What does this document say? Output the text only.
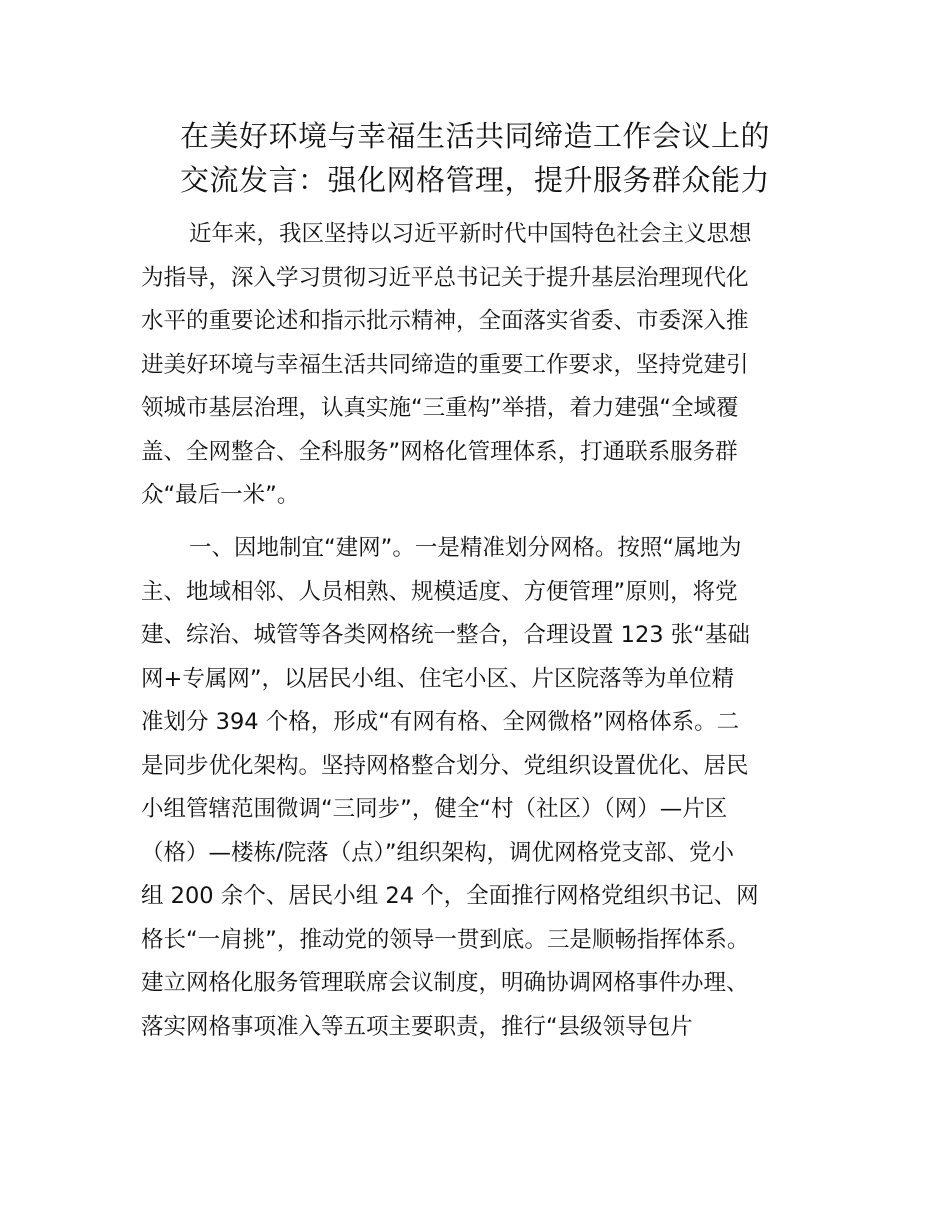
在美好环境与幸福生活共同缔造工作会议上的
交流发言：强化网格管理，提升服务群众能力
近年来，我区坚持以习近平新时代中国特色社会主义思想
为指导，深入学习贯彻习近平总书记关于提升基层治理现代化
水平的重要论述和指示批示精神，全面落实省委、市委深入推
进美好环境与幸福生活共同缔造的重要工作要求，坚持党建引
领城市基层治理，认真实施“三重构”举措，着力建强“全域覆
盖、全网整合、全科服务”网格化管理体系，打通联系服务群
众“最后一米”。
一、因地制宜“建网”。一是精准划分网格。按照“属地为
主、地域相邻、人员相熟、规模适度、方便管理”原则，将党
建、综治、城管等各类网格统一整合，合理设置 123 张“基础
网+专属网”，以居民小组、住宅小区、片区院落等为单位精
准划分 394 个格，形成“有网有格、全网微格”网格体系。二
是同步优化架构。坚持网格整合划分、党组织设置优化、居民
小组管辖范围微调“三同步”，健全“村（社区）（网）—片区
（格）—楼栋/院落（点）”组织架构，调优网格党支部、党小
组 200 余个、居民小组 24 个，全面推行网格党组织书记、网
格长“一肩挑”，推动党的领导一贯到底。三是顺畅指挥体系。
建立网格化服务管理联席会议制度，明确协调网格事件办理、
落实网格事项准入等五项主要职责，推行“县级领导包片
